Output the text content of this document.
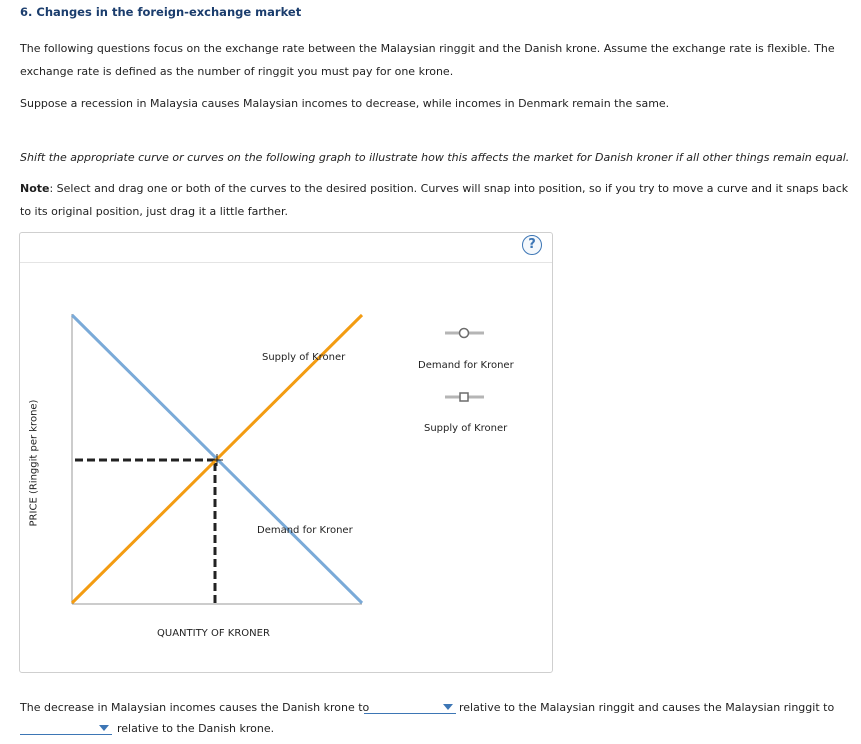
6. Changes in the foreign-exchange market
The following questions focus on the exchange rate between the Malaysian ringgit and the Danish krone. Assume the exchange rate is flexible. The
exchange rate is defined as the number of ringgit you must pay for one krone.
Suppose a recession in Malaysia causes Malaysian incomes to decrease, while incomes in Denmark remain the same.
Shift the appropriate curve or curves on the following graph to illustrate how this affects the market for Danish kroner if all other things remain equal.
Note: Select and drag one or both of the curves to the desired position. Curves will snap into position, so if you try to move a curve and it snaps back
to its original position, just drag it a little farther.
?
PRICE (Ringgit per krone)
QUANTITY OF KRONER
Supply of Kroner
Demand for Kroner
Demand for Kroner
Supply of Kroner
The decrease in Malaysian incomes causes the Danish krone to	relative to the Malaysian ringgit and causes the Malaysian ringgit to
relative to the Danish krone.
